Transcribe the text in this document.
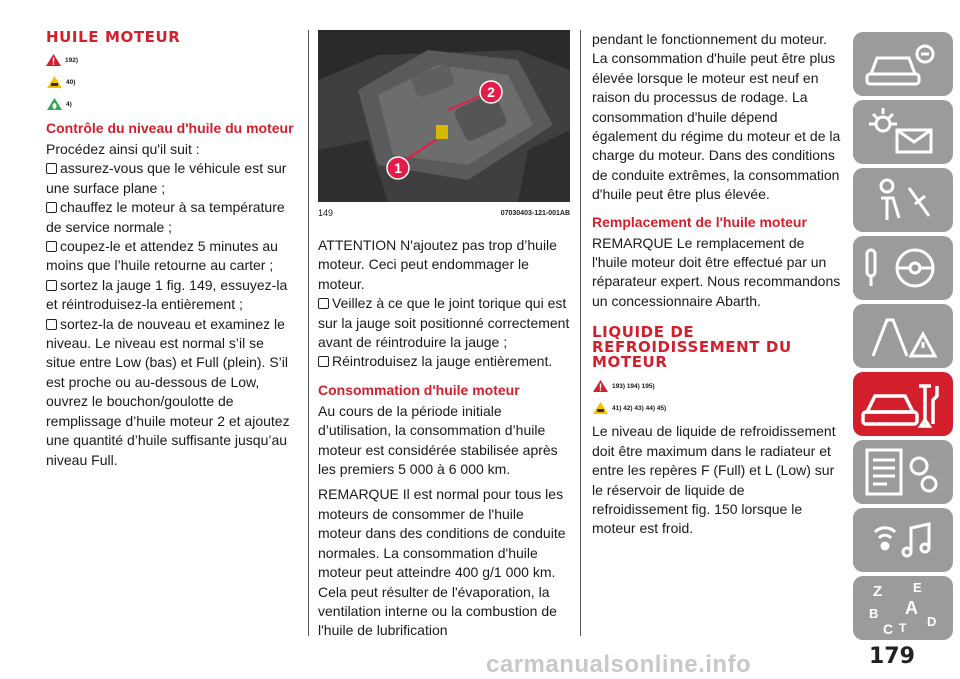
HUILE MOTEUR
192)
40)
4)
Contrôle du niveau d'huile du moteur

Procédez ainsi qu'il suit :

assurez-vous que le véhicule est sur une surface plane ;

chauffez le moteur à sa température de service normale ;

coupez-le et attendez 5 minutes au moins que l’huile retourne au carter ;

sortez la jauge 1 fig. 149, essuyez-la et réintroduisez-la entièrement ;

sortez-la de nouveau et examinez le niveau. Le niveau est normal s’il se situe entre Low (bas) et Full (plein). S’il est proche ou au-dessous de Low, ouvrez le bouchon/goulotte de remplissage d’huile moteur 2 et ajoutez une quantité d’huile suffisante jusqu’au niveau Full.

1
2
149	07030403-121-001AB

ATTENTION N'ajoutez pas trop d’huile moteur. Ceci peut endommager le moteur.

Veillez à ce que le joint torique qui est sur la jauge soit positionné correctement avant de réintroduire la jauge ;

Réintroduisez la jauge entièrement.

Consommation d'huile moteur

Au cours de la période initiale d’utilisation, la consommation d’huile moteur est considérée stabilisée après les premiers 5 000 à 6 000 km.

REMARQUE Il est normal pour tous les moteurs de consommer de l'huile moteur dans des conditions de conduite normales. La consommation d'huile moteur peut atteindre 400 g/1 000 km. Cela peut résulter de l'évaporation, la ventilation interne ou la combustion de l'huile de lubrification

pendant le fonctionnement du moteur. La consommation d'huile peut être plus élevée lorsque le moteur est neuf en raison du processus de rodage. La consommation d'huile dépend également du régime du moteur et de la charge du moteur. Dans des conditions de conduite extrêmes, la consommation d'huile peut être plus élevée.

Remplacement de l'huile moteur

REMARQUE Le remplacement de l'huile moteur doit être effectué par un réparateur expert. Nous recommandons un concessionnaire Abarth.

LIQUIDE DE REFROIDISSEMENT DU MOTEUR
193) 194) 195)
41) 42) 43) 44) 45)

Le niveau de liquide de refroidissement doit être maximum dans le radiateur et entre les repères F (Full) et L (Low) sur le réservoir de liquide de refroidissement fig. 150 lorsque le moteur est froid.

Z E
B A
C T D
carmanualsonline.info	179
